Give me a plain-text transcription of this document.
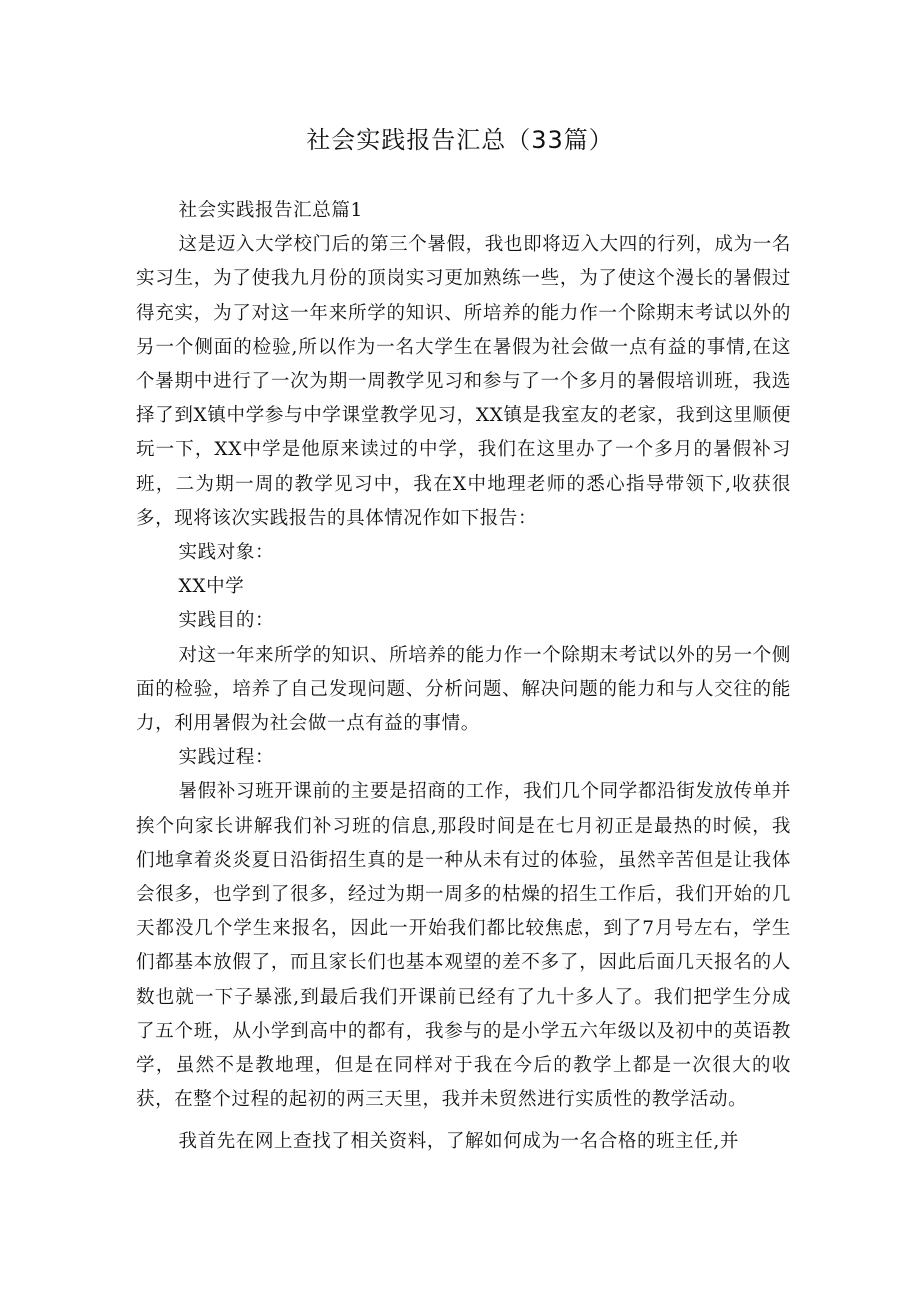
社会实践报告汇总（33篇）

社会实践报告汇总篇1

这是迈入大学校门后的第三个暑假，我也即将迈入大四的行列，成为一名实习生，为了使我九月份的顶岗实习更加熟练一些，为了使这个漫长的暑假过得充实，为了对这一年来所学的知识、所培养的能力作一个除期末考试以外的另一个侧面的检验,所以作为一名大学生在暑假为社会做一点有益的事情,在这个暑期中进行了一次为期一周教学见习和参与了一个多月的暑假培训班，我选择了到X镇中学参与中学课堂教学见习，XX镇是我室友的老家，我到这里顺便玩一下，XX中学是他原来读过的中学，我们在这里办了一个多月的暑假补习班，二为期一周的教学见习中，我在X中地理老师的悉心指导带领下,收获很多，现将该次实践报告的具体情况作如下报告：

实践对象：

XX中学

实践目的：

对这一年来所学的知识、所培养的能力作一个除期末考试以外的另一个侧面的检验，培养了自己发现问题、分析问题、解决问题的能力和与人交往的能力，利用暑假为社会做一点有益的事情。

实践过程：

暑假补习班开课前的主要是招商的工作，我们几个同学都沿街发放传单并挨个向家长讲解我们补习班的信息,那段时间是在七月初正是最热的时候，我们地拿着炎炎夏日沿街招生真的是一种从未有过的体验，虽然辛苦但是让我体会很多，也学到了很多，经过为期一周多的枯燥的招生工作后，我们开始的几天都没几个学生来报名，因此一开始我们都比较焦虑，到了7月号左右，学生们都基本放假了，而且家长们也基本观望的差不多了，因此后面几天报名的人数也就一下子暴涨,到最后我们开课前已经有了九十多人了。我们把学生分成了五个班，从小学到高中的都有，我参与的是小学五六年级以及初中的英语教学，虽然不是教地理，但是在同样对于我在今后的教学上都是一次很大的收获，在整个过程的起初的两三天里，我并未贸然进行实质性的教学活动。

我首先在网上查找了相关资料，了解如何成为一名合格的班主任,并
